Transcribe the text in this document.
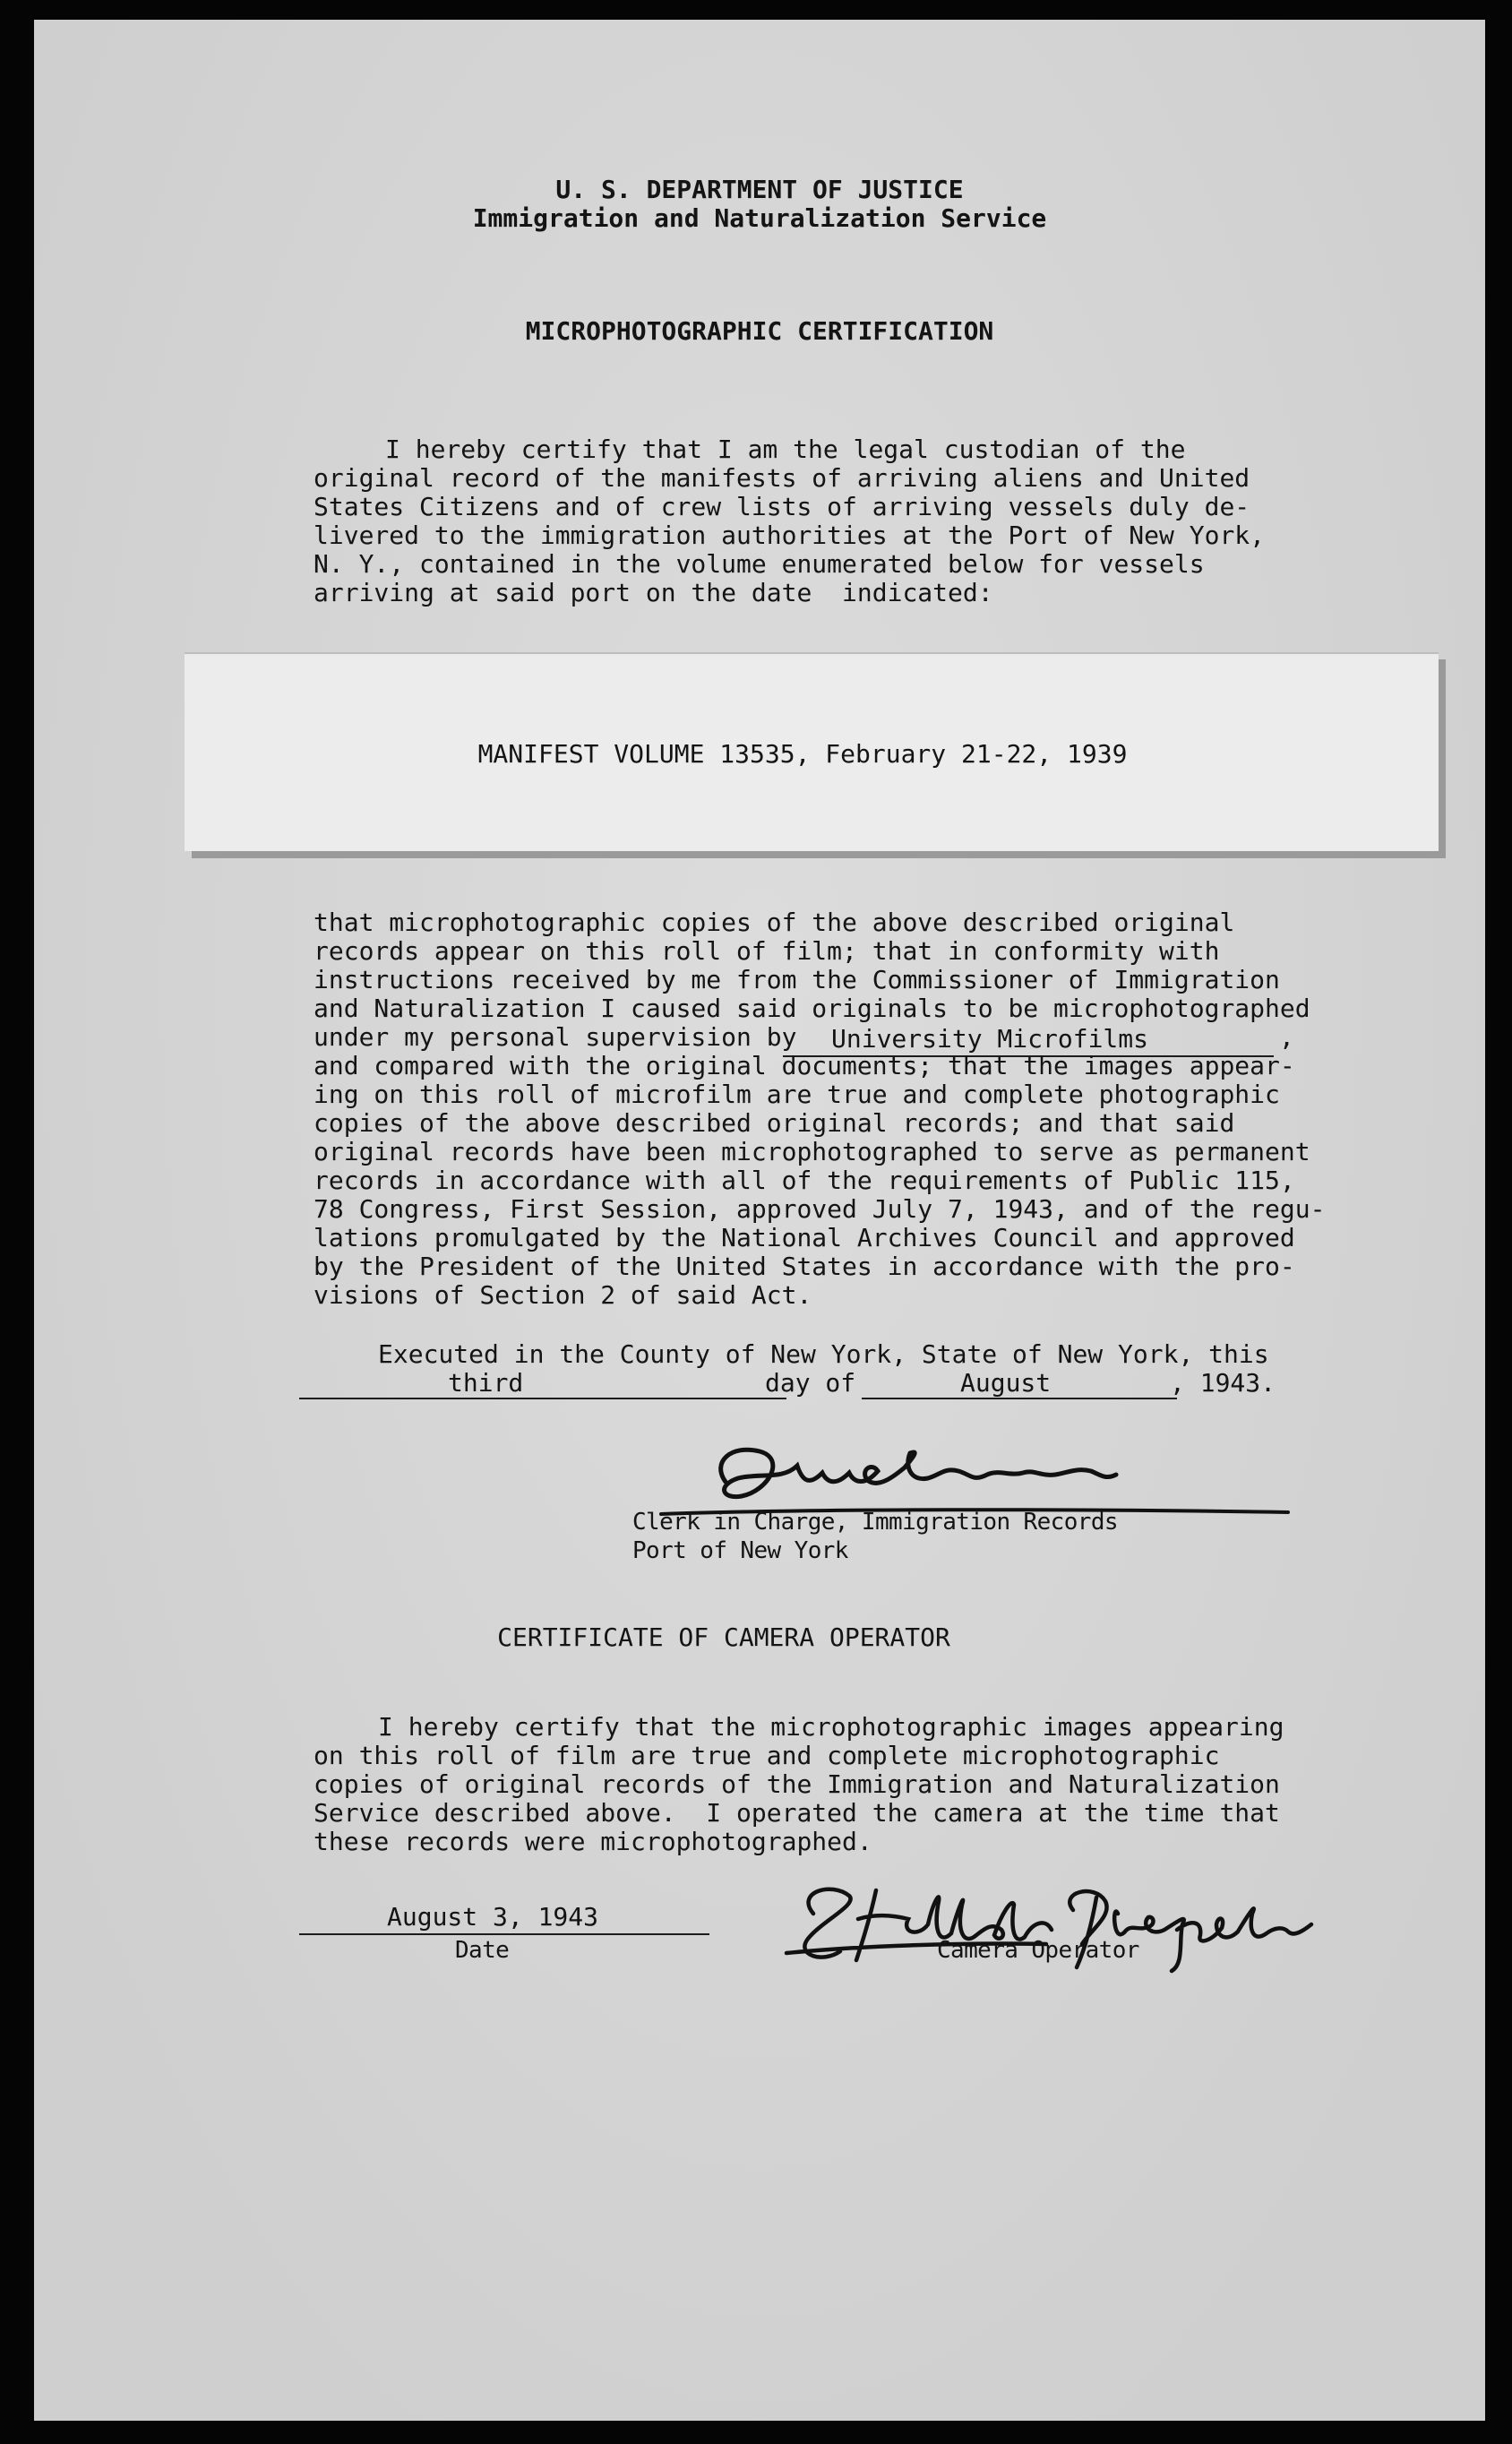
U. S. DEPARTMENT OF JUSTICE
Immigration and Naturalization Service
MICROPHOTOGRAPHIC CERTIFICATION
I hereby certify that I am the legal custodian of the
original record of the manifests of arriving aliens and United
States Citizens and of crew lists of arriving vessels duly de-
livered to the immigration authorities at the Port of New York,
N. Y., contained in the volume enumerated below for vessels
arriving at said port on the date  indicated:
MANIFEST VOLUME 13535, February 21-22, 1939
that microphotographic copies of the above described original
records appear on this roll of film; that in conformity with
instructions received by me from the Commissioner of Immigration
and Naturalization I caused said originals to be microphotographed
under my personal supervision by University Microfilms	,
and compared with the original documents; that the images appear-
ing on this roll of microfilm are true and complete photographic
copies of the above described original records; and that said
original records have been microphotographed to serve as permanent
records in accordance with all of the requirements of Public 115,
78 Congress, First Session, approved July 7, 1943, and of the regu-
lations promulgated by the National Archives Council and approved
by the President of the United States in accordance with the pro-
visions of Section 2 of said Act.
Executed in the County of New York, State of New York, this
third	day of	August	, 1943.
Clerk in Charge, Immigration Records
Port of New York
CERTIFICATE OF CAMERA OPERATOR
I hereby certify that the microphotographic images appearing
on this roll of film are true and complete microphotographic
copies of original records of the Immigration and Naturalization
Service described above.  I operated the camera at the time that
these records were microphotographed.
August 3, 1943
Date	Camera Operator
